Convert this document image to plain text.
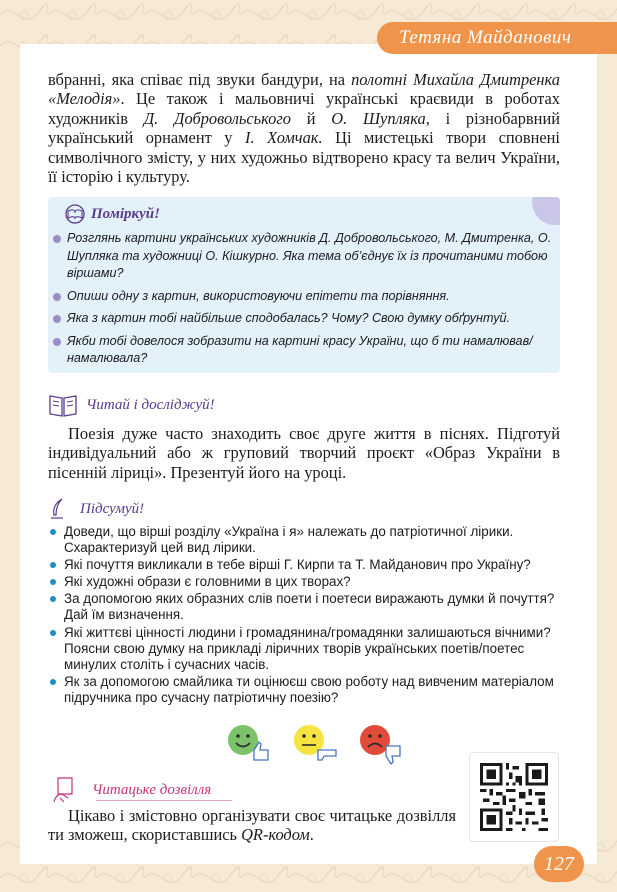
Тетяна Майданович

вбранні, яка співає під звуки бандури, на полотні Михайла Дмитренка «Мелодія». Це також і мальовничі українські краєвиди в роботах художників Д. Добровольського й О. Шупляка, і різнобарвний український орнамент у І. Хомчак. Ці мистецькі твори сповнені символічного змісту, у них художньо відтворено красу та велич України, її історію і культуру.

Поміркуй!
Розглянь картини українських художників Д. Добровольського, М. Дмитренка, О. Шупляка та художниці О. Кішкурно. Яка тема об’єднує їх із прочитаними тобою віршами?
Опиши одну з картин, використовуючи епітети та порівняння.
Яка з картин тобі найбільше сподобалась? Чому? Свою думку обґрунтуй.
Якби тобі довелося зобразити на картині красу України, що б ти намалював/ намалювала?
Читай і досліджуй!

Поезія дуже часто знаходить своє друге життя в піснях. Підготуй індивідуальний або ж груповий творчий проєкт «Образ України в пісенній ліриці». Презентуй його на уроці.

Підсумуй!
Доведи, що вірші розділу «Україна і я» належать до патріотичної лірики. Схарактеризуй цей вид лірики.
Які почуття викликали в тебе вірші Г. Кирпи та Т. Майданович про Україну?
Які художні образи є головними в цих творах?
За допомогою яких образних слів поети і поетеси виражають думки й почуття? Дай їм визначення.
Які життєві цінності людини і громадянина/громадянки залишаються вічними? Поясни свою думку на прикладі ліричних творів українських поетів/поетес минулих століть і сучасних часів.
Як за допомогою смайлика ти оцінюєш свою роботу над вивченим матеріалом підручника про сучасну патріотичну поезію?
Читацьке дозвілля

Цікаво і змістовно організувати своє читацьке дозвілля ти зможеш, скориставшись QR-кодом.

127
